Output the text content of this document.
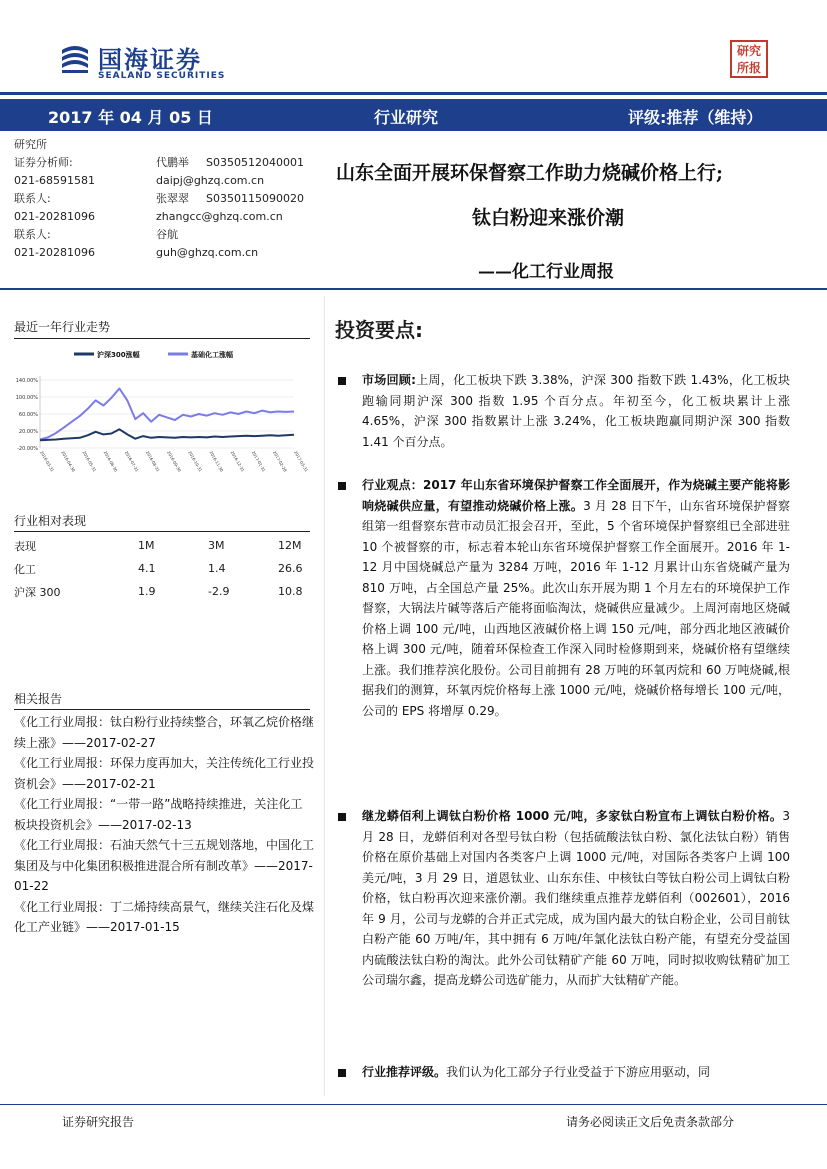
国海证券
SEALAND SECURITIES
研究
所报
2017 年 04 月 05 日	行业研究	评级:推荐（维持）
研究所
证券分析师:	代鹏举 S0350512040001
021-68591581	daipj@ghzq.com.cn
联系人:	张翠翠 S0350115090020
021-20281096	zhangcc@ghzq.com.cn
联系人:	谷航
021-20281096	guh@ghzq.com.cn
山东全面开展环保督察工作助力烧碱价格上行;
钛白粉迎来涨价潮
——化工行业周报
最近一年行业走势
沪深300涨幅	基础化工涨幅
140.00%
100.00%
60.00%
20.00%
-20.00%
2016-03-31 2016-04-30 2016-05-31 2016-06-30 2016-07-31 2016-08-31 2016-09-30 2016-10-31 2016-11-30 2016-12-31 2017-01-31 2017-02-28 2017-03-31
行业相对表现
表现	1M	3M	12M
化工	4.1	1.4	26.6
沪深 300	1.9	-2.9	10.8
相关报告

《化工行业周报：钛白粉行业持续整合，环氧乙烷价格继续上涨》——2017-02-27

《化工行业周报：环保力度再加大，关注传统化工行业投资机会》——2017-02-21

《化工行业周报：“一带一路”战略持续推进，关注化工板块投资机会》——2017-02-13

《化工行业周报：石油天然气十三五规划落地，中国化工集团及与中化集团积极推进混合所有制改革》——2017-01-22

《化工行业周报：丁二烯持续高景气，继续关注石化及煤化工产业链》——2017-01-15

投资要点:

市场回顾:上周，化工板块下跌 3.38%，沪深 300 指数下跌 1.43%，化工板块跑输同期沪深 300 指数 1.95 个百分点。年初至今，化工板块累计上涨 4.65%，沪深 300 指数累计上涨 3.24%，化工板块跑赢同期沪深 300 指数 1.41 个百分点。

行业观点：2017 年山东省环境保护督察工作全面展开，作为烧碱主要产能将影响烧碱供应量，有望推动烧碱价格上涨。3 月 28 日下午，山东省环境保护督察组第一组督察东营市动员汇报会召开，至此，5 个省环境保护督察组已全部进驻 10 个被督察的市，标志着本轮山东省环境保护督察工作全面展开。2016 年 1-12 月中国烧碱总产量为 3284 万吨，2016 年 1-12 月累计山东省烧碱产量为 810 万吨，占全国总产量 25%。此次山东开展为期 1 个月左右的环境保护工作督察，大锅法片碱等落后产能将面临淘汰，烧碱供应量减少。上周河南地区烧碱价格上调 100 元/吨，山西地区液碱价格上调 150 元/吨，部分西北地区液碱价格上调 300 元/吨，随着环保检查工作深入同时检修期到来，烧碱价格有望继续上涨。我们推荐滨化股份。公司目前拥有 28 万吨的环氧丙烷和 60 万吨烧碱,根据我们的测算，环氧丙烷价格每上涨 1000 元/吨，烧碱价格每增长 100 元/吨，公司的 EPS 将增厚 0.29。

继龙蟒佰利上调钛白粉价格 1000 元/吨，多家钛白粉宣布上调钛白粉价格。3 月 28 日，龙蟒佰利对各型号钛白粉（包括硫酸法钛白粉、氯化法钛白粉）销售价格在原价基础上对国内各类客户上调 1000 元/吨，对国际各类客户上调 100 美元/吨，3 月 29 日，道恩钛业、山东东佳、中核钛白等钛白粉公司上调钛白粉价格，钛白粉再次迎来涨价潮。我们继续重点推荐龙蟒佰利（002601），2016 年 9 月，公司与龙蟒的合并正式完成，成为国内最大的钛白粉企业，公司目前钛白粉产能 60 万吨/年，其中拥有 6 万吨/年氯化法钛白粉产能，有望充分受益国内硫酸法钛白粉的淘汰。此外公司钛精矿产能 60 万吨，同时拟收购钛精矿加工公司瑞尔鑫，提高龙蟒公司选矿能力，从而扩大钛精矿产能。

行业推荐评级。我们认为化工部分子行业受益于下游应用驱动，同

证券研究报告	请务必阅读正文后免责条款部分
